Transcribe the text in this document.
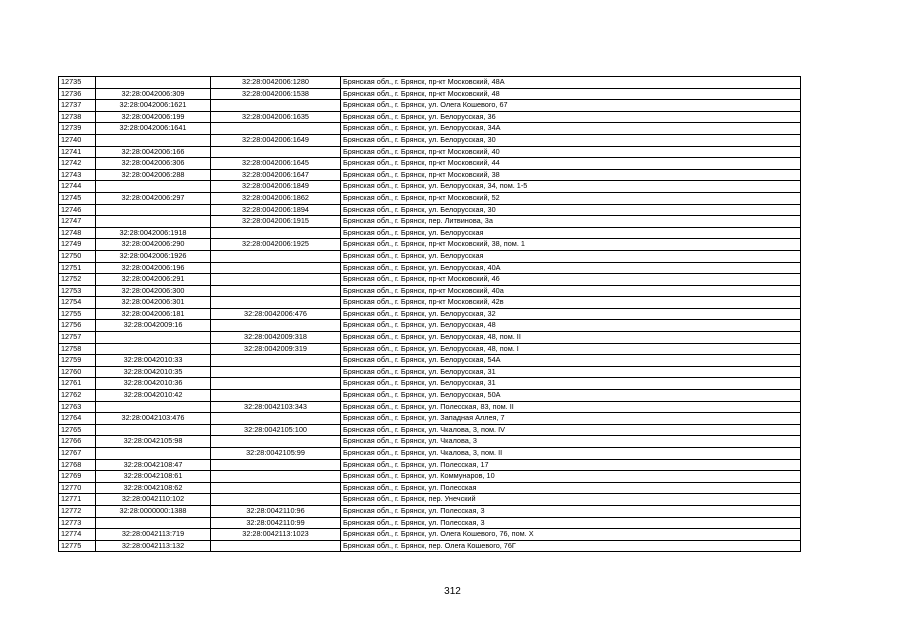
12735		32:28:0042006:1280	Брянская обл., г. Брянск, пр-кт Московский, 48А
12736	32:28:0042006:309	32:28:0042006:1538	Брянская обл., г. Брянск, пр-кт Московский, 48
12737	32:28:0042006:1621		Брянская обл., г. Брянск, ул. Олега Кошевого, 67
12738	32:28:0042006:199	32:28:0042006:1635	Брянская обл., г. Брянск, ул. Белорусская, 36
12739	32:28:0042006:1641		Брянская обл., г. Брянск, ул. Белорусская, 34А
12740		32:28:0042006:1649	Брянская обл., г. Брянск, ул. Белорусская, 30
12741	32:28:0042006:166		Брянская обл., г. Брянск, пр-кт Московский, 40
12742	32:28:0042006:306	32:28:0042006:1645	Брянская обл., г. Брянск, пр-кт Московский, 44
12743	32:28:0042006:288	32:28:0042006:1647	Брянская обл., г. Брянск, пр-кт Московский, 38
12744		32:28:0042006:1849	Брянская обл., г. Брянск, ул. Белорусская, 34, пом. 1-5
12745	32:28:0042006:297	32:28:0042006:1862	Брянская обл., г. Брянск, пр-кт Московский, 52
12746		32:28:0042006:1894	Брянская обл., г. Брянск, ул. Белорусская, 30
12747		32:28:0042006:1915	Брянская обл., г. Брянск, пер. Литвинова, 3а
12748	32:28:0042006:1918		Брянская обл., г. Брянск, ул. Белорусская
12749	32:28:0042006:290	32:28:0042006:1925	Брянская обл., г. Брянск, пр-кт Московский, 38, пом. 1
12750	32:28:0042006:1926		Брянская обл., г. Брянск, ул. Белорусская
12751	32:28:0042006:196		Брянская обл., г. Брянск, ул. Белорусская, 40А
12752	32:28:0042006:291		Брянская обл., г. Брянск, пр-кт Московский, 46
12753	32:28:0042006:300		Брянская обл., г. Брянск, пр-кт Московский, 40а
12754	32:28:0042006:301		Брянская обл., г. Брянск, пр-кт Московский, 42в
12755	32:28:0042006:181	32:28:0042006:476	Брянская обл., г. Брянск, ул. Белорусская, 32
12756	32:28:0042009:16		Брянская обл., г. Брянск, ул. Белорусская, 48
12757		32:28:0042009:318	Брянская обл., г. Брянск, ул. Белорусская, 48, пом. II
12758		32:28:0042009:319	Брянская обл., г. Брянск, ул. Белорусская, 48, пом. I
12759	32:28:0042010:33		Брянская обл., г. Брянск, ул. Белорусская, 54А
12760	32:28:0042010:35		Брянская обл., г. Брянск, ул. Белорусская, 31
12761	32:28:0042010:36		Брянская обл., г. Брянск, ул. Белорусская, 31
12762	32:28:0042010:42		Брянская обл., г. Брянск, ул. Белорусская, 50А
12763		32:28:0042103:343	Брянская обл., г. Брянск, ул. Полесская, 83, пом. II
12764	32:28:0042103:476		Брянская обл., г. Брянск, ул. Западная Аллея, 7
12765		32:28:0042105:100	Брянская обл., г. Брянск, ул. Чкалова, 3, пом. IV
12766	32:28:0042105:98		Брянская обл., г. Брянск, ул. Чкалова, 3
12767		32:28:0042105:99	Брянская обл., г. Брянск, ул. Чкалова, 3, пом. II
12768	32:28:0042108:47		Брянская обл., г. Брянск, ул. Полесская, 17
12769	32:28:0042108:61		Брянская обл., г. Брянск, ул. Коммунаров, 10
12770	32:28:0042108:62		Брянская обл., г. Брянск, ул. Полесская
12771	32:28:0042110:102		Брянская обл., г. Брянск, пер. Унечский
12772	32:28:0000000:1388	32:28:0042110:96	Брянская обл., г. Брянск, ул. Полесская, 3
12773		32:28:0042110:99	Брянская обл., г. Брянск, ул. Полесская, 3
12774	32:28:0042113:719	32:28:0042113:1023	Брянская обл., г. Брянск, ул. Олега Кошевого, 76, пом. X
12775	32:28:0042113:132		Брянская обл., г. Брянск, пер. Олега Кошевого, 76Г
312
